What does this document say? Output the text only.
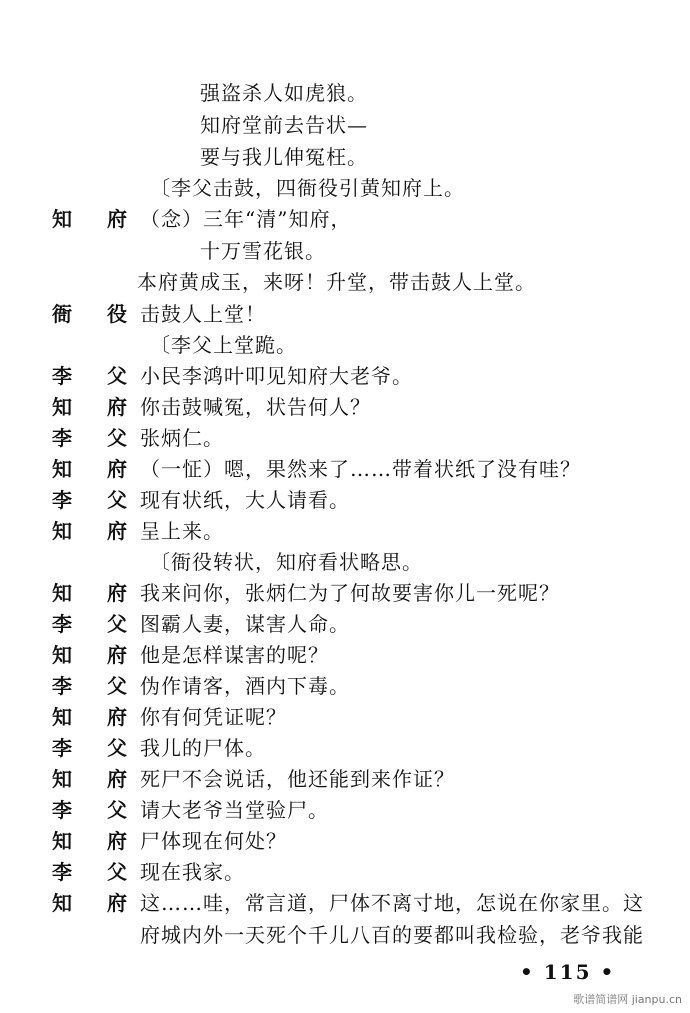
强盗杀人如虎狼。
知府堂前去告状—
要与我儿伸冤枉。
〔李父击鼓，四衙役引黄知府上。
知 府 （念）三年“清”知府，
十万雪花银。
本府黄成玉，来呀！升堂，带击鼓人上堂。
衙 役 击鼓人上堂！
〔李父上堂跪。
李 父 小民李鸿叶叩见知府大老爷。
知 府 你击鼓喊冤，状告何人？
李 父 张炳仁。
知 府 （一怔）嗯，果然来了……带着状纸了没有哇？
李 父 现有状纸，大人请看。
知 府 呈上来。
〔衙役转状，知府看状略思。
知 府 我来问你，张炳仁为了何故要害你儿一死呢？
李 父 图霸人妻，谋害人命。
知 府 他是怎样谋害的呢？
李 父 伪作请客，酒内下毒。
知 府 你有何凭证呢？
李 父 我儿的尸体。
知 府 死尸不会说话，他还能到来作证？
李 父 请大老爷当堂验尸。
知 府 尸体现在何处？
李 父 现在我家。
知 府 这……哇，常言道，尸体不离寸地，怎说在你家里。这
府城内外一天死个千儿八百的要都叫我检验，老爷我能
• 115 •
歌谱简谱网 jianpu.cn
